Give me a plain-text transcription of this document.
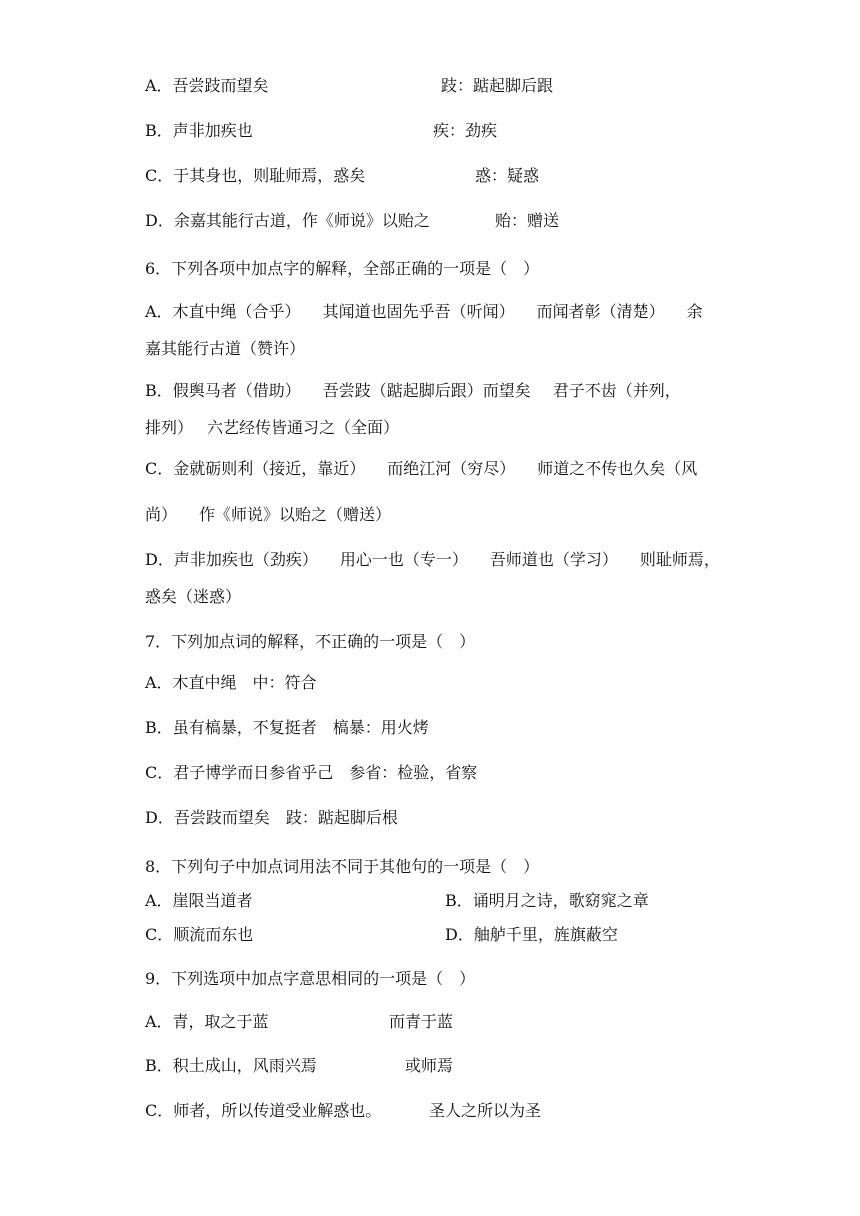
A．吾尝跂而望矣	跂：踮起脚后跟
B．声非加疾也	疾：劲疾
C．于其身也，则耻师焉，惑矣	惑：疑惑
D．余嘉其能行古道，作《师说》以贻之	贻：赠送
6．下列各项中加点字的解释，全部正确的一项是（　）
A．木直中绳（合乎） 其闻道也固先乎吾（听闻） 而闻者彰（清楚） 余
嘉其能行古道（赞许）
B．假舆马者（借助） 吾尝跂（踮起脚后跟）而望矣 君子不齿（并列，
排列） 六艺经传皆通习之（全面）
C．金就砺则利（接近，靠近） 而绝江河（穷尽） 师道之不传也久矣（风
尚） 作《师说》以贻之（赠送）
D．声非加疾也（劲疾） 用心一也（专一） 吾师道也（学习） 则耻师焉，
惑矣（迷惑）
7．下列加点词的解释，不正确的一项是（　）
A．木直中绳　中：符合
B．虽有槁暴，不复挺者　槁暴：用火烤
C．君子博学而日参省乎己　参省：检验，省察
D．吾尝跂而望矣　跂：踮起脚后根
8．下列句子中加点词用法不同于其他句的一项是（　）
A．崖限当道者	B．诵明月之诗，歌窈窕之章
C．顺流而东也	D．舳舻千里，旌旗蔽空
9．下列选项中加点字意思相同的一项是（　）
A．青，取之于蓝	而青于蓝
B．积土成山，风雨兴焉	或师焉
C．师者，所以传道受业解惑也。	圣人之所以为圣
